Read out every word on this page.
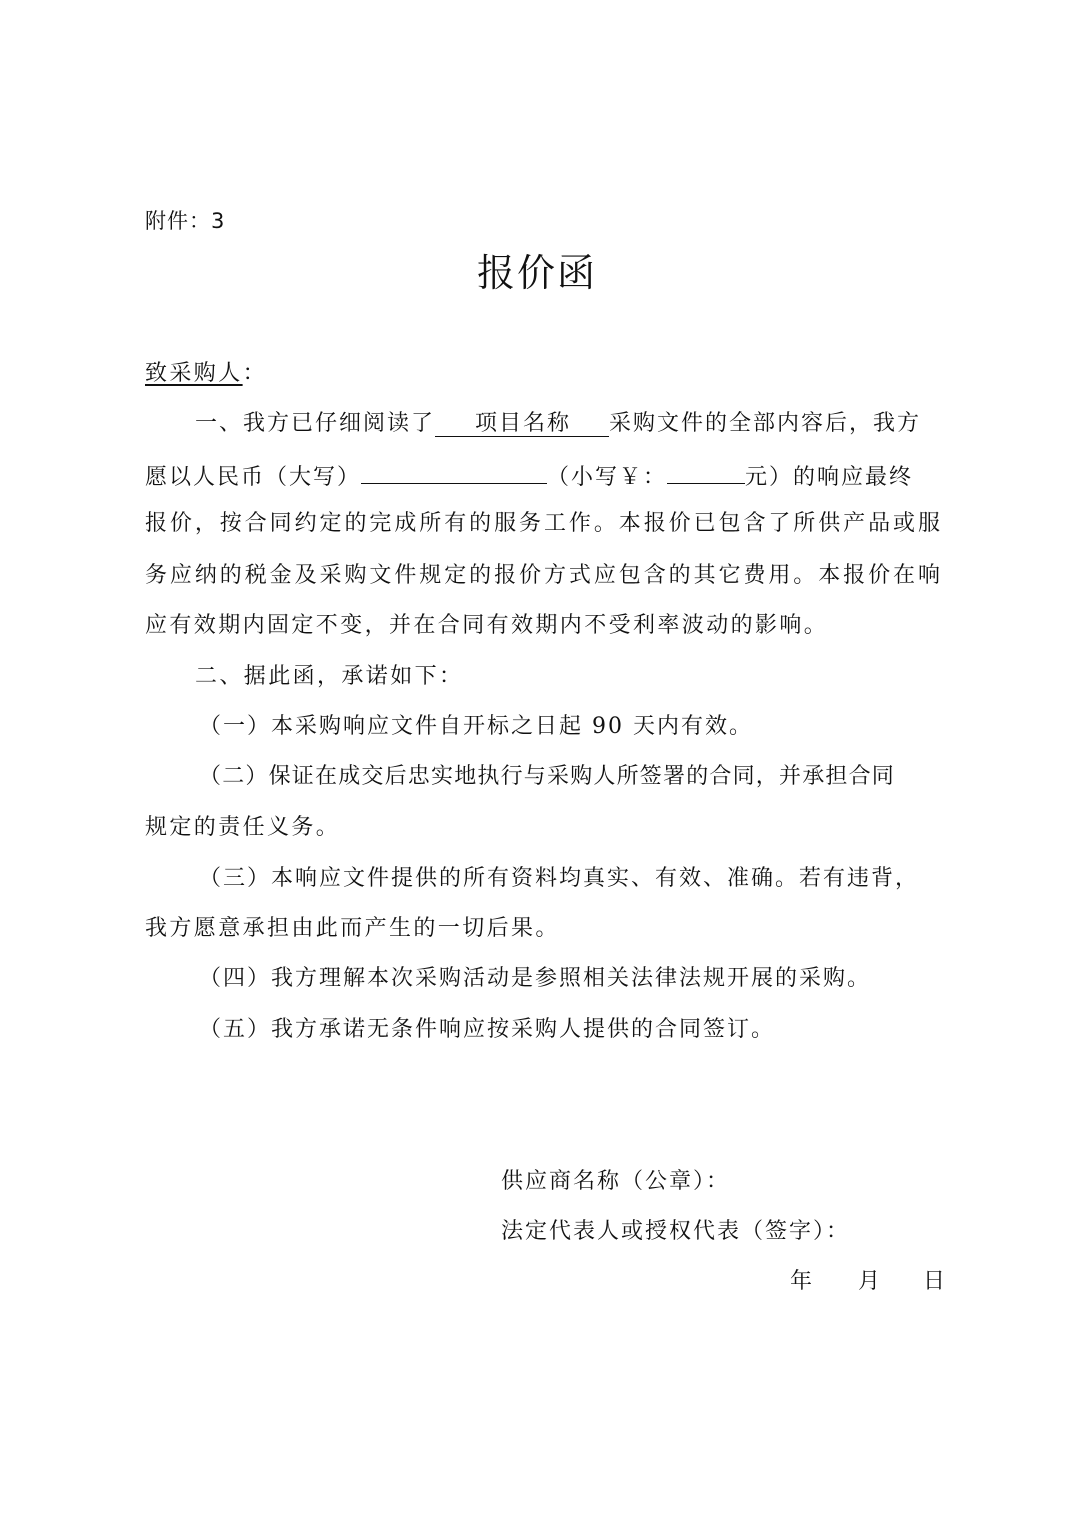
附件：3
报价函
致采购人：
一、我方已仔细阅读了 项目名称 采购文件的全部内容后，我方
愿以人民币（大写）	（小写￥：	元）的响应最终
报价，按合同约定的完成所有的服务工作。本报价已包含了所供产品或服
务应纳的税金及采购文件规定的报价方式应包含的其它费用。本报价在响
应有效期内固定不变，并在合同有效期内不受利率波动的影响。
二、据此函，承诺如下：
（一）本采购响应文件自开标之日起 90 天内有效。
（二）保证在成交后忠实地执行与采购人所签署的合同，并承担合同
规定的责任义务。
（三）本响应文件提供的所有资料均真实、有效、准确。若有违背，
我方愿意承担由此而产生的一切后果。
（四）我方理解本次采购活动是参照相关法律法规开展的采购。
（五）我方承诺无条件响应按采购人提供的合同签订。
供应商名称（公章）：
法定代表人或授权代表（签字）：
年 月 日
